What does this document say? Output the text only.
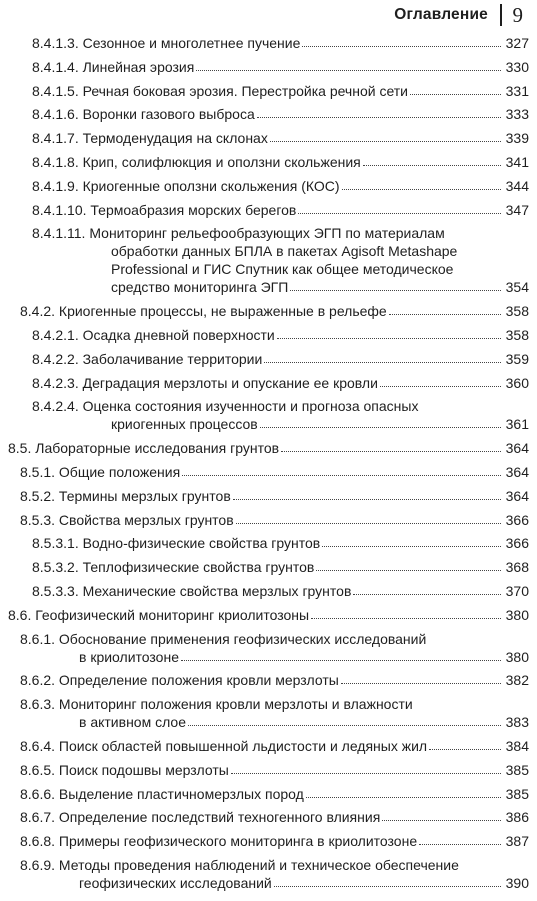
Оглавление 9
8.4.1.3. Сезонное и многолетнее пучение	327
8.4.1.4. Линейная эрозия	330
8.4.1.5. Речная боковая эрозия. Перестройка речной сети	331
8.4.1.6. Воронки газового выброса	333
8.4.1.7. Термоденудация на склонах	339
8.4.1.8. Крип, солифлюкция и оползни скольжения	341
8.4.1.9. Криогенные оползни скольжения (КОС)	344
8.4.1.10. Термоабразия морских берегов	347
8.4.1.11. Мониторинг рельефообразующих ЭГП по материалам
обработки данных БПЛА в пакетах Agisoft Metashape
Professional и ГИС Спутник как общее методическое
средство мониторинга ЭГП	354
8.4.2. Криогенные процессы, не выраженные в рельефе	358
8.4.2.1. Осадка дневной поверхности	358
8.4.2.2. Заболачивание территории	359
8.4.2.3. Деградация мерзлоты и опускание ее кровли	360
8.4.2.4. Оценка состояния изученности и прогноза опасных
криогенных процессов	361
8.5. Лабораторные исследования грунтов	364
8.5.1. Общие положения	364
8.5.2. Термины мерзлых грунтов	364
8.5.3. Свойства мерзлых грунтов	366
8.5.3.1. Водно-физические свойства грунтов	366
8.5.3.2. Теплофизические свойства грунтов	368
8.5.3.3. Механические свойства мерзлых грунтов	370
8.6. Геофизический мониторинг криолитозоны	380
8.6.1. Обоснование применения геофизических исследований
в криолитозоне	380
8.6.2. Определение положения кровли мерзлоты	382
8.6.3. Мониторинг положения кровли мерзлоты и влажности
в активном слое	383
8.6.4. Поиск областей повышенной льдистости и ледяных жил	384
8.6.5. Поиск подошвы мерзлоты	385
8.6.6. Выделение пластичномерзлых пород	385
8.6.7. Определение последствий техногенного влияния	386
8.6.8. Примеры геофизического мониторинга в криолитозоне	387
8.6.9. Методы проведения наблюдений и техническое обеспечение
геофизических исследований	390
